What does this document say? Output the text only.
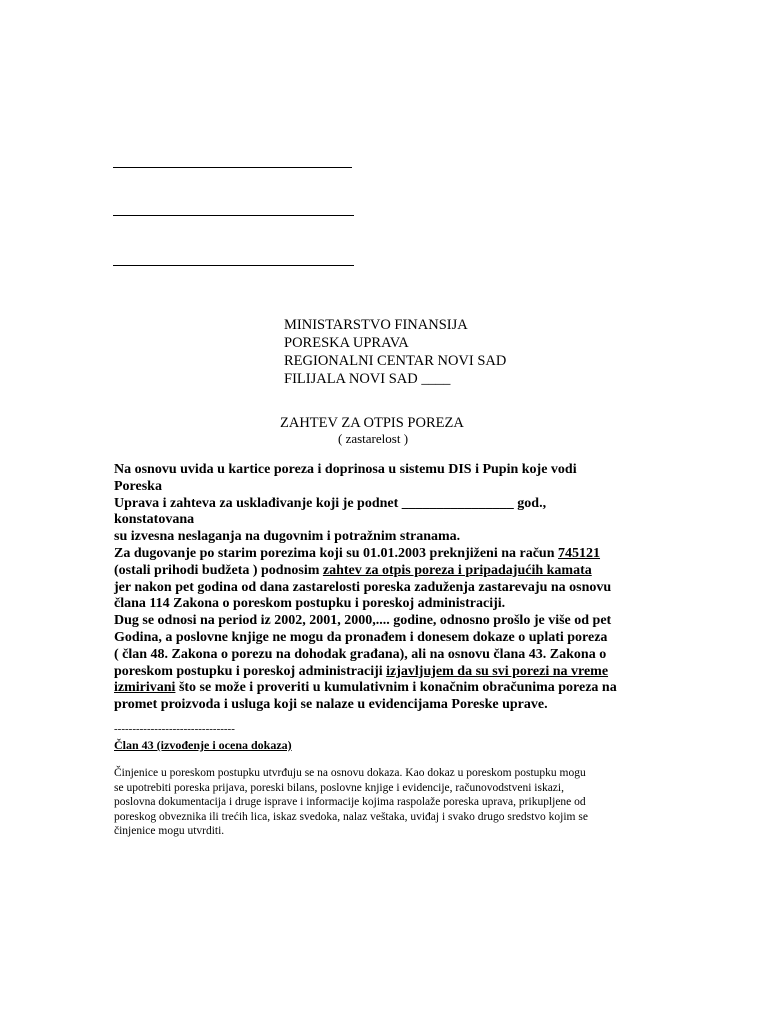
MINISTARSTVO FINANSIJA
PORESKA UPRAVA
REGIONALNI CENTAR NOVI SAD
FILIJALA NOVI SAD ____
ZAHTEV ZA OTPIS POREZA
( zastarelost )
Na osnovu uvida u kartice poreza i doprinosa u sistemu DIS i Pupin koje vodi
Poreska
Uprava i zahteva za usklađivanje koji je podnet ________________ god.,
konstatovana
su izvesna neslaganja na dugovnim i potražnim stranama.
Za dugovanje po starim porezima koji su 01.01.2003 preknjiženi na račun 745121
(ostali prihodi budžeta ) podnosim zahtev za otpis poreza i pripadajućih kamata
jer nakon pet godina od dana zastarelosti poreska zaduženja zastarevaju na osnovu
člana 114 Zakona o poreskom postupku i poreskoj administraciji.
Dug se odnosi na period iz 2002, 2001, 2000,.... godine, odnosno prošlo je više od pet
Godina, a poslovne knjige ne mogu da pronađem i donesem dokaze o uplati poreza
( član 48. Zakona o porezu na dohodak građana), ali na osnovu člana 43. Zakona o
poreskom postupku i poreskoj administraciji izjavljujem da su svi porezi na vreme
izmirivani što se može i proveriti u kumulativnim i konačnim obračunima poreza na
promet proizvoda i usluga koji se nalaze u evidencijama Poreske uprave.
---------------------------------
Član 43 (izvođenje i ocena dokaza)
Činjenice u poreskom postupku utvrđuju se na osnovu dokaza. Kao dokaz u poreskom postupku mogu
se upotrebiti poreska prijava, poreski bilans, poslovne knjige i evidencije, računovodstveni iskazi,
poslovna dokumentacija i druge isprave i informacije kojima raspolaže poreska uprava, prikupljene od
poreskog obveznika ili trećih lica, iskaz svedoka, nalaz veštaka, uviđaj i svako drugo sredstvo kojim se
činjenice mogu utvrditi.
